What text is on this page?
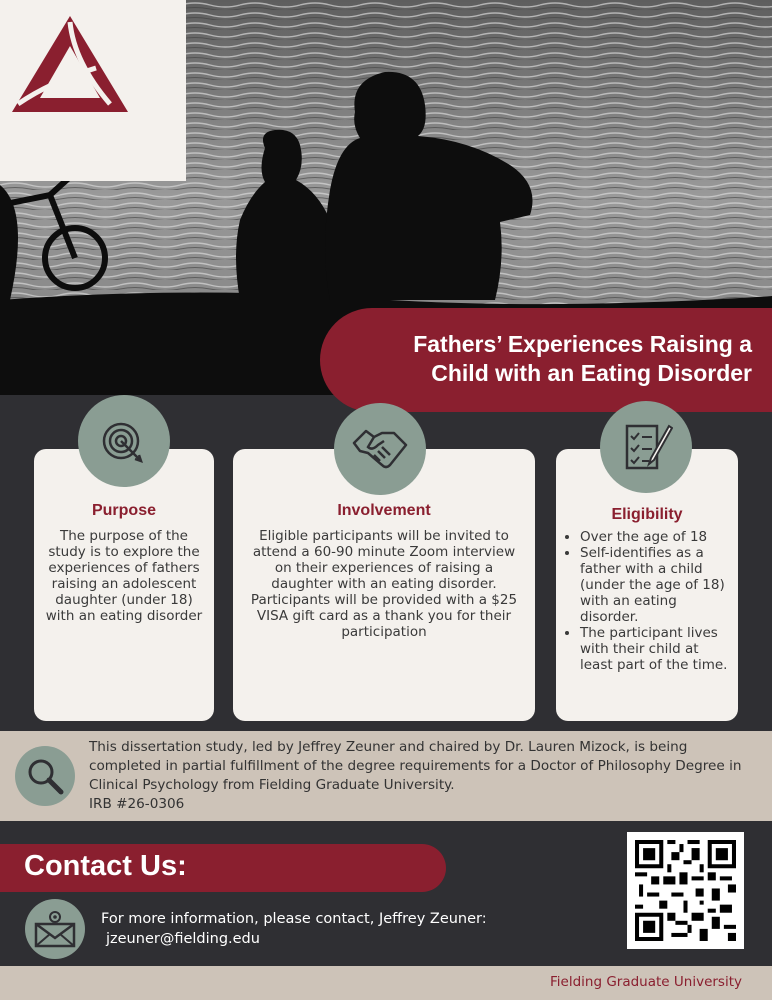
Fathers’ Experiences Raising a
Child with an Eating Disorder
Purpose
The purpose of the study is to explore the experiences of fathers raising an adolescent daughter (under 18) with an eating disorder
Involvement
Eligible participants will be invited to attend a 60-90 minute Zoom interview on their experiences of raising a daughter with an eating disorder. Participants will be provided with a $25 VISA gift card as a thank you for their participation
Eligibility
• Over the age of 18
• Self-identifies as a father with a child (under the age of 18) with an eating disorder.
• The participant lives with their child at least part of the time.
This dissertation study, led by Jeffrey Zeuner and chaired by Dr. Lauren Mizock, is being completed in partial fulfillment of the degree requirements for a Doctor of Philosophy Degree in Clinical Psychology from Fielding Graduate University.
IRB #26-0306
Contact Us:
For more information, please contact, Jeffrey Zeuner:
jzeuner@fielding.edu
Fielding Graduate University
